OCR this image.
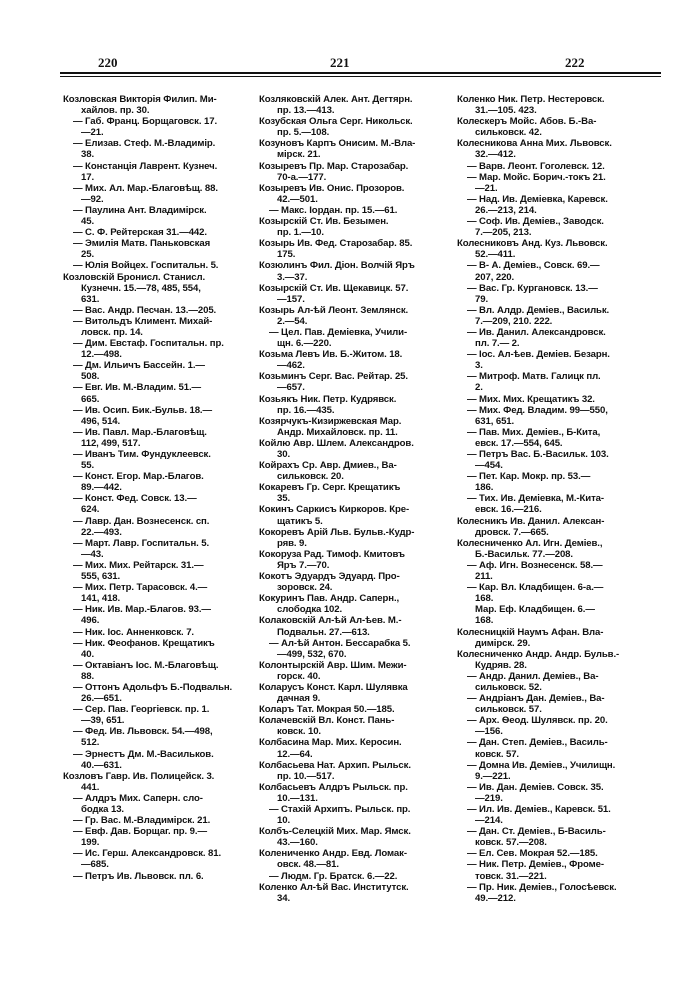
220	221	222

Козловская Викторія Филип. Ми-

хайлов. пр. 30.

— Габ. Франц. Борщаговск. 17.

—21.

— Елизав. Стеф. М.-Владимір.

38.

— Констанція Лаврент. Кузнеч.

17.

— Мих. Ал. Мар.-Благовѣщ. 88.

—92.

— Паулина Ант. Владимірск.

45.

— С. Ф. Рейтерская 31.—442.

— Эмилія Матв. Паньковская

25.

— Юлія Войцех. Госпитальн. 5.

Козловскій Бронисл. Станисл.

Кузнечн. 15.—78, 485, 554,

631.

— Вас. Андр. Песчан. 13.—205.

— Витольдъ Климент. Михай-

ловск. пр. 14.

— Дим. Евстаф. Госпитальн. пр.

12.—498.

— Дм. Ильичъ Бассейн. 1.—

508.

— Евг. Ив. М.-Владим. 51.—

665.

— Ив. Осип. Бик.-Бульв. 18.—

496, 514.

— Ив. Павл. Мар.-Благовѣщ.

112, 499, 517.

— Иванъ Тим. Фундуклеевск.

55.

— Конст. Егор. Мар.-Благов.

89.—442.

— Конст. Фед. Совск. 13.—

624.

— Лавр. Дан. Вознесенск. сп.

22.—493.

— Март. Лавр. Госпитальн. 5.

—43.

— Мих. Мих. Рейтарск. 31.—

555, 631.

— Мих. Петр. Тарасовск. 4.—

141, 418.

— Ник. Ив. Мар.-Благов. 93.—

496.

— Ник. Іос. Анненковск. 7.

— Ник. Феофанов. Крещатикъ

40.

— Октавіанъ Іос. М.-Благовѣщ.

88.

— Оттонъ Адольфъ Б.-Подвальн.

26.—651.

— Сер. Пав. Георгіевск. пр. 1.

—39, 651.

— Фед. Ив. Львовск. 54.—498,

512.

— Эрнестъ Дм. М.-Васильков.

40.—631.

Козловъ Гавр. Ив. Полицейск. 3.

441.

— Алдръ Мих. Саперн. сло-

бодка 13.

— Гр. Вас. М.-Владимірск. 21.

— Евф. Дав. Борщаг. пр. 9.—

199.

— Ис. Герш. Александровск. 81.

—685.

— Петръ Ив. Львовск. пл. 6.

Козляковскій Алек. Ант. Дегтярн.

пр. 13.—413.

Козубская Ольга Серг. Никольск.

пр. 5.—108.

Козуновъ Карпъ Онисим. М.-Вла-

мірск. 21.

Козыревъ Пр. Мар. Старозабар.

70-а.—177.

Козыревъ Ив. Онис. Прозоров.

42.—501.

— Макс. Іордан. пр. 15.—61.

Козырскій Ст. Ив. Безымен.

пр. 1.—10.

Козырь Ив. Фед. Старозабар. 85.

175.

Козюлинъ Фил. Діон. Волчій Яръ

3.—37.

Козырскій Ст. Ив. Щекавицк. 57.

—157.

Козырь Ал-ѣй Леонт. Землянск.

2.—54.

— Цел. Пав. Деміевка, Учили-

щн. 6.—220.

Козьма Левъ Ив. Б.-Житом. 18.

—462.

Козьминъ Серг. Вас. Рейтар. 25.

—657.

Козьякъ Ник. Петр. Кудрявск.

пр. 16.—435.

Козярчукъ-Кизиржевская Мар.

Андр. Михайловск. пр. 11.

Койлю Авр. Шлем. Александров.

30.

Койрахъ Ср. Авр. Дмиев., Ва-

сильковск. 20.

Кокаревъ Гр. Серг. Крещатикъ

35.

Кокинъ Саркисъ Киркоров. Кре-

щатикъ 5.

Кокоревъ Арій Льв. Бульв.-Кудр-

ряв. 9.

Кокоруза Рад. Тимоф. Кмитовъ

Яръ 7.—70.

Кокотъ Эдуардъ Эдуард. Про-

зоровск. 24.

Кокуринъ Пав. Андр. Саперн.,

слободка 102.

Колаковскій Ал-ѣй Ал-ѣев. М.-

Подвальн. 27.—613.

— Ал-ѣй Антон. Бессарабка 5.

—499, 532, 670.

Колонтырскій Авр. Шим. Межи-

горск. 40.

Коларусъ Конст. Карл. Шулявка

дачная 9.

Коларъ Тат. Мокрая 50.—185.

Колачевскій Вл. Конст. Пань-

ковск. 10.

Колбасина Мар. Мих. Керосин.

12.—64.

Колбасьева Нат. Архип. Рыльск.

пр. 10.—517.

Колбасьевъ Алдръ Рыльск. пр.

10.—131.

— Стахій Архипъ. Рыльск. пр.

10.

Колбъ-Селецкій Мих. Мар. Ямск.

43.—160.

Колениченко Андр. Евд. Ломак-

овск. 48.—81.

— Людм. Гр. Братск. 6.—22.

Коленко Ал-ѣй Вас. Институтск.

34.

Коленко Ник. Петр. Нестеровск.

31.—105. 423.

Колескеръ Мойс. Абов. Б.-Ва-

сильковск. 42.

Колесникова Анна Мих. Львовск.

32.—412.

— Варв. Леонт. Гоголевск. 12.

— Мар. Мойс. Борич.-токъ 21.

—21.

— Над. Ив. Деміевка, Каревск.

26.—213, 214.

— Соф. Ив. Деміев., Заводск.

7.—205, 213.

Колесниковъ Анд. Куз. Львовск.

52.—411.

— В- А. Деміев., Совск. 69.—

207, 220.

— Вас. Гр. Кургановск. 13.—

79.

— Вл. Алдр. Деміев., Васильк.

7.—209, 210. 222.

— Ив. Данил. Александровск.

пл. 7.— 2.

— Іос. Ал-ѣев. Деміев. Безарн.

3.

— Митроф. Матв. Галицк пл.

2.

— Мих. Мих. Крещатикъ 32.

— Мих. Фед. Владим. 99—550,

631, 651.

— Пав. Мих. Деміев., Б-Кита,

евск. 17.—554, 645.

— Петръ Вас. Б.-Васильк. 103.

—454.

— Пет. Кар. Мокр. пр. 53.—

186.

— Тих. Ив. Деміевка, М.-Кита-

евск. 16.—216.

Колесникъ Ив. Данил. Алексан-

дровск. 7.—665.

Колесниченко Ал. Игн. Деміев.,

Б.-Васильк. 77.—208.

— Аф. Игн. Вознесенск. 58.—

211.

— Кар. Вл. Кладбищен. 6-а.—

168.

Мар. Еф. Кладбищен. 6.—

168.

Колесницкій Наумъ Афан. Вла-

димірск. 29.

Колесниченко Андр. Андр. Бульв.-

Кудряв. 28.

— Андр. Данил. Деміев., Ва-

сильковск. 52.

— Андріанъ Дан. Деміев., Ва-

сильковск. 57.

— Арх. Ѳеод. Шулявск. пр. 20.

—156.

— Дан. Степ. Деміев., Василь-

ковск. 57.

— Домна Ив. Деміев., Училищн.

9.—221.

— Ив. Дан. Деміев. Совск. 35.

—219.

— Ил. Ив. Деміев., Каревск. 51.

—214.

— Дан. Ст. Деміев., Б-Василь-

ковск. 57.—208.

— Ел. Сев. Мокрая 52.—185.

— Ник. Петр. Деміев., Фроме-

товск. 31.—221.

— Пр. Ник. Деміев., Голосѣевск.

49.—212.
